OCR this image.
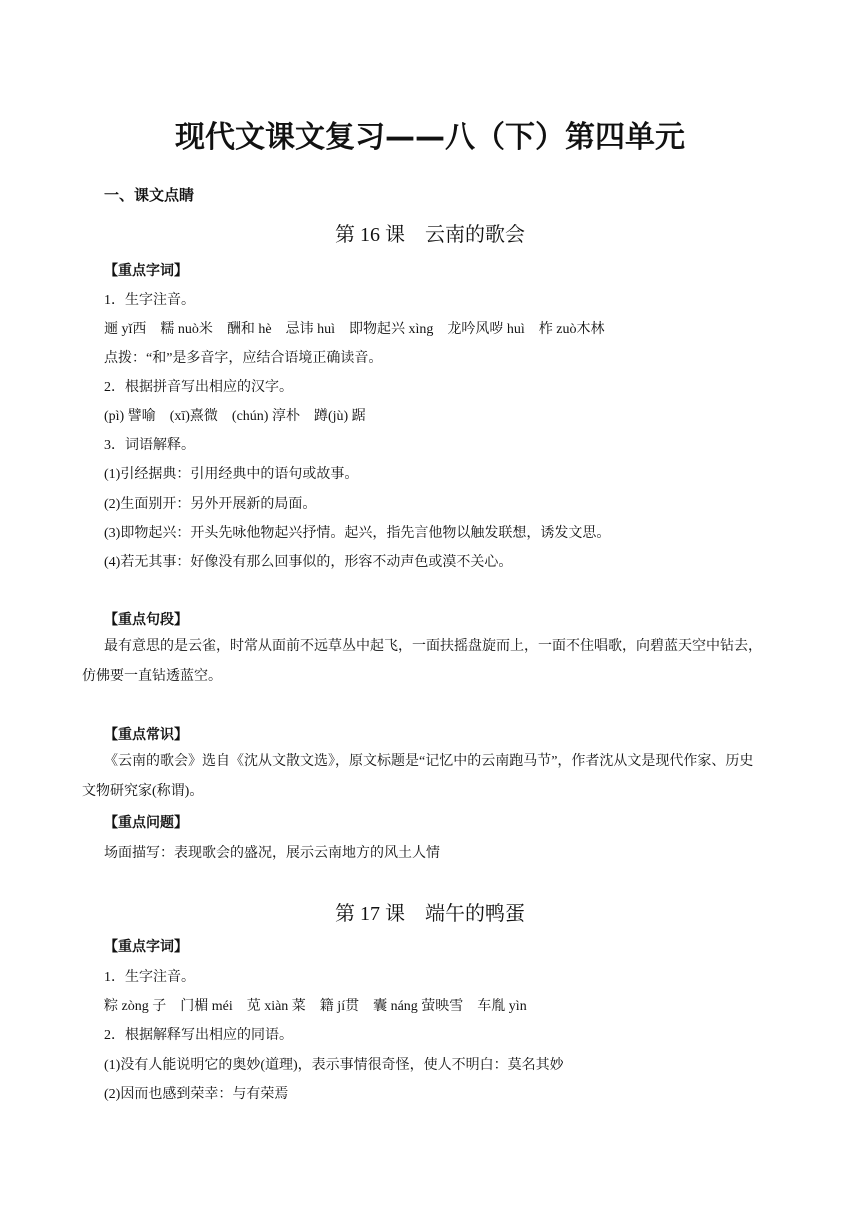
现代文课文复习——八（下）第四单元
一、课文点睛
第 16 课　云南的歌会
【重点字词】
1．生字注音。
逦 yǐ西　糯 nuò米　酬和 hè　忌讳 huì　即物起兴 xìng　龙吟风哕 huì　柞 zuò木林
点拨：“和”是多音字，应结合语境正确读音。
2．根据拼音写出相应的汉字。
(pì) 譬喻　(xī)熹微　(chún) 淳朴　蹲(jù) 踞
3．词语解释。
(1)引经据典：引用经典中的语句或故事。
(2)生面别开：另外开展新的局面。
(3)即物起兴：开头先咏他物起兴抒情。起兴，指先言他物以触发联想，诱发文思。
(4)若无其事：好像没有那么回事似的，形容不动声色或漠不关心。
【重点句段】
最有意思的是云雀，时常从面前不远草丛中起飞，一面扶摇盘旋而上，一面不住唱歌，向碧蓝天空中钻去，仿佛要一直钻透蓝空。
【重点常识】
《云南的歌会》选自《沈从文散文选》，原文标题是“记忆中的云南跑马节”，作者沈从文是现代作家、历史文物研究家(称谓)。
【重点问题】
场面描写：表现歌会的盛况，展示云南地方的风土人情
第 17 课　端午的鸭蛋
【重点字词】
1．生字注音。
粽 zòng 子　门楣 méi　苋 xiàn 菜　籍 jí贯　囊 náng 萤映雪　车胤 yìn
2．根据解释写出相应的同语。
(1)没有人能说明它的奥妙(道理)，表示事情很奇怪，使人不明白：莫名其妙
(2)因而也感到荣幸：与有荣焉
